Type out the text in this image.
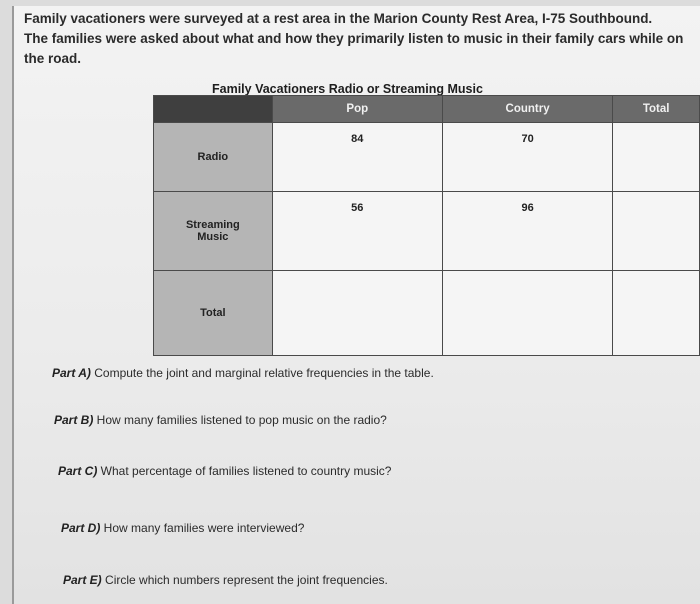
Family vacationers were surveyed at a rest area in the Marion County Rest Area, I-75 Southbound.
The families were asked about what and how they primarily listen to music in their family cars while on
the road.
Family Vacationers Radio or Streaming Music
	Pop	Country	Total
Radio	84	70	
Streaming
Music	56	96	
Total			
Part A) Compute the joint and marginal relative frequencies in the table.
Part B) How many families listened to pop music on the radio?
Part C) What percentage of families listened to country music?
Part D) How many families were interviewed?
Part E) Circle which numbers represent the joint frequencies.
